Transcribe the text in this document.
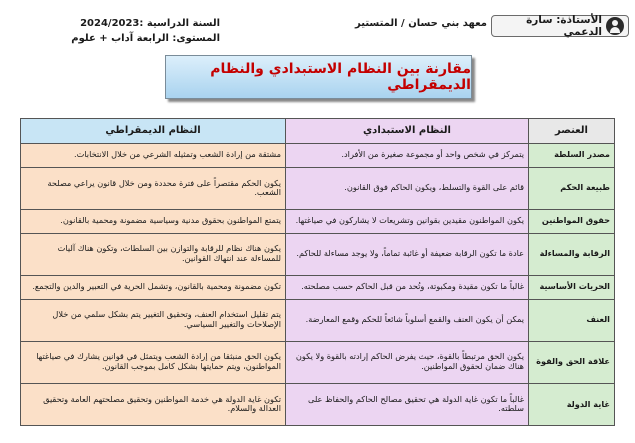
الأستاذة: سارة الدعمي
معهد بني حسان / المتستير
السنة الدراسية :2024/2023
المستوى: الرابعة آداب + علوم
مقارنة بين النظام الاستبدادي والنظام الديمقراطي
العنصر	النظام الاستبدادي	النظام الديمقراطي
مصدر السلطة	يتمركز في شخص واحد أو مجموعة صغيرة من الأفراد.	مشتقة من إرادة الشعب وتمثيله الشرعي من خلال الانتخابات.
طبيعة الحكم	قائم على القوة والتسلط، ويكون الحاكم فوق القانون.	يكون الحكم مقتصراً على فترة محددة ومن خلال قانون يراعي مصلحة الشعب.
حقوق المواطنين	يكون المواطنون مقيدين بقوانين وتشريعات لا يشاركون في صياغتها.	يتمتع المواطنون بحقوق مدنية وسياسية مضمونة ومحمية بالقانون.
الرقابة والمساءلة	عادة ما تكون الرقابة ضعيفة أو غائبة تماماً، ولا يوجد مساءلة للحاكم.	يكون هناك نظام للرقابة والتوازن بين السلطات، وتكون هناك آليات للمساءلة عند انتهاك القوانين.
الحريات الأساسية	غالباً ما تكون مقيدة ومكبوتة، وتُحد من قبل الحاكم حسب مصلحته.	تكون مضمونة ومحمية بالقانون، وتشمل الحرية في التعبير والدين والتجمع.
العنف	يمكن أن يكون العنف والقمع أسلوباً شائعاً للحكم وقمع المعارضة.	يتم تقليل استخدام العنف، وتحقيق التغيير يتم بشكل سلمي من خلال الإصلاحات والتغيير السياسي.
علاقة الحق والقوة	يكون الحق مرتبطاً بالقوة، حيث يفرض الحاكم إرادته بالقوة ولا يكون هناك ضمان لحقوق المواطنين.	يكون الحق منبثقا من إرادة الشعب ويتمثل في قوانين يشارك في صياغتها المواطنون، ويتم حمايتها بشكل كامل بموجب القانون.
غاية الدولة	غالباً ما تكون غاية الدولة هي تحقيق مصالح الحاكم والحفاظ على سلطته.	تكون غاية الدولة هي خدمة المواطنين وتحقيق مصلحتهم العامة وتحقيق العدالة والسلام.
